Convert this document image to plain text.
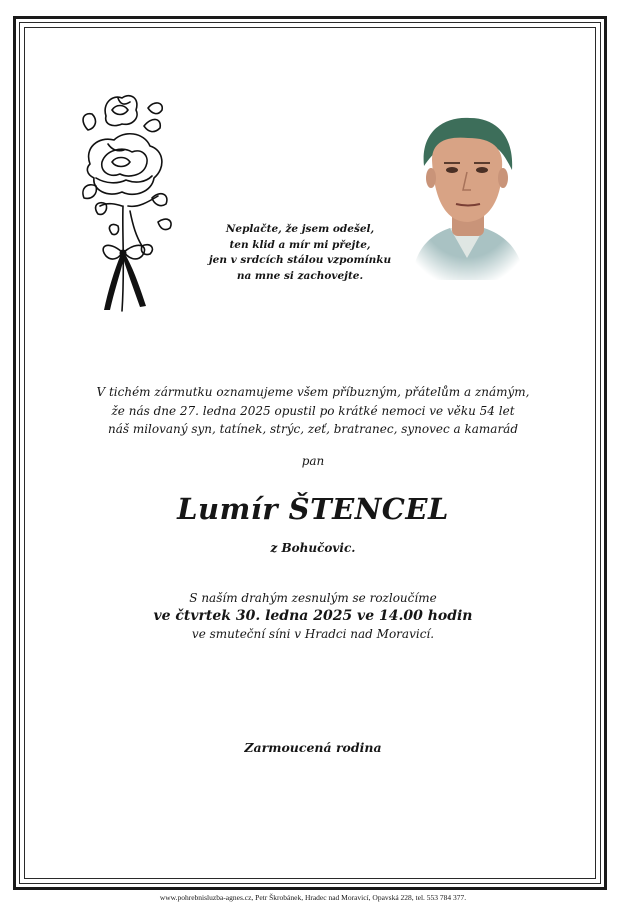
Neplačte, že jsem odešel,
ten klid a mír mi přejte,
jen v srdcích stálou vzpomínku
na mne si zachovejte.
V tichém zármutku oznamujeme všem příbuzným, přátelům a známým,
že nás dne 27. ledna 2025 opustil po krátké nemoci ve věku 54 let
náš milovaný syn, tatínek, strýc, zeť, bratranec, synovec a kamarád
pan
Lumír ŠTENCEL
z Bohučovic.
S naším drahým zesnulým se rozloučíme
ve čtvrtek 30. ledna 2025 ve 14.00 hodin
ve smuteční síni v Hradci nad Moravicí.
Zarmoucená rodina
www.pohrebnisluzba-agnes.cz, Petr Škrobánek, Hradec nad Moravicí, Opavská 228, tel. 553 784 377.
